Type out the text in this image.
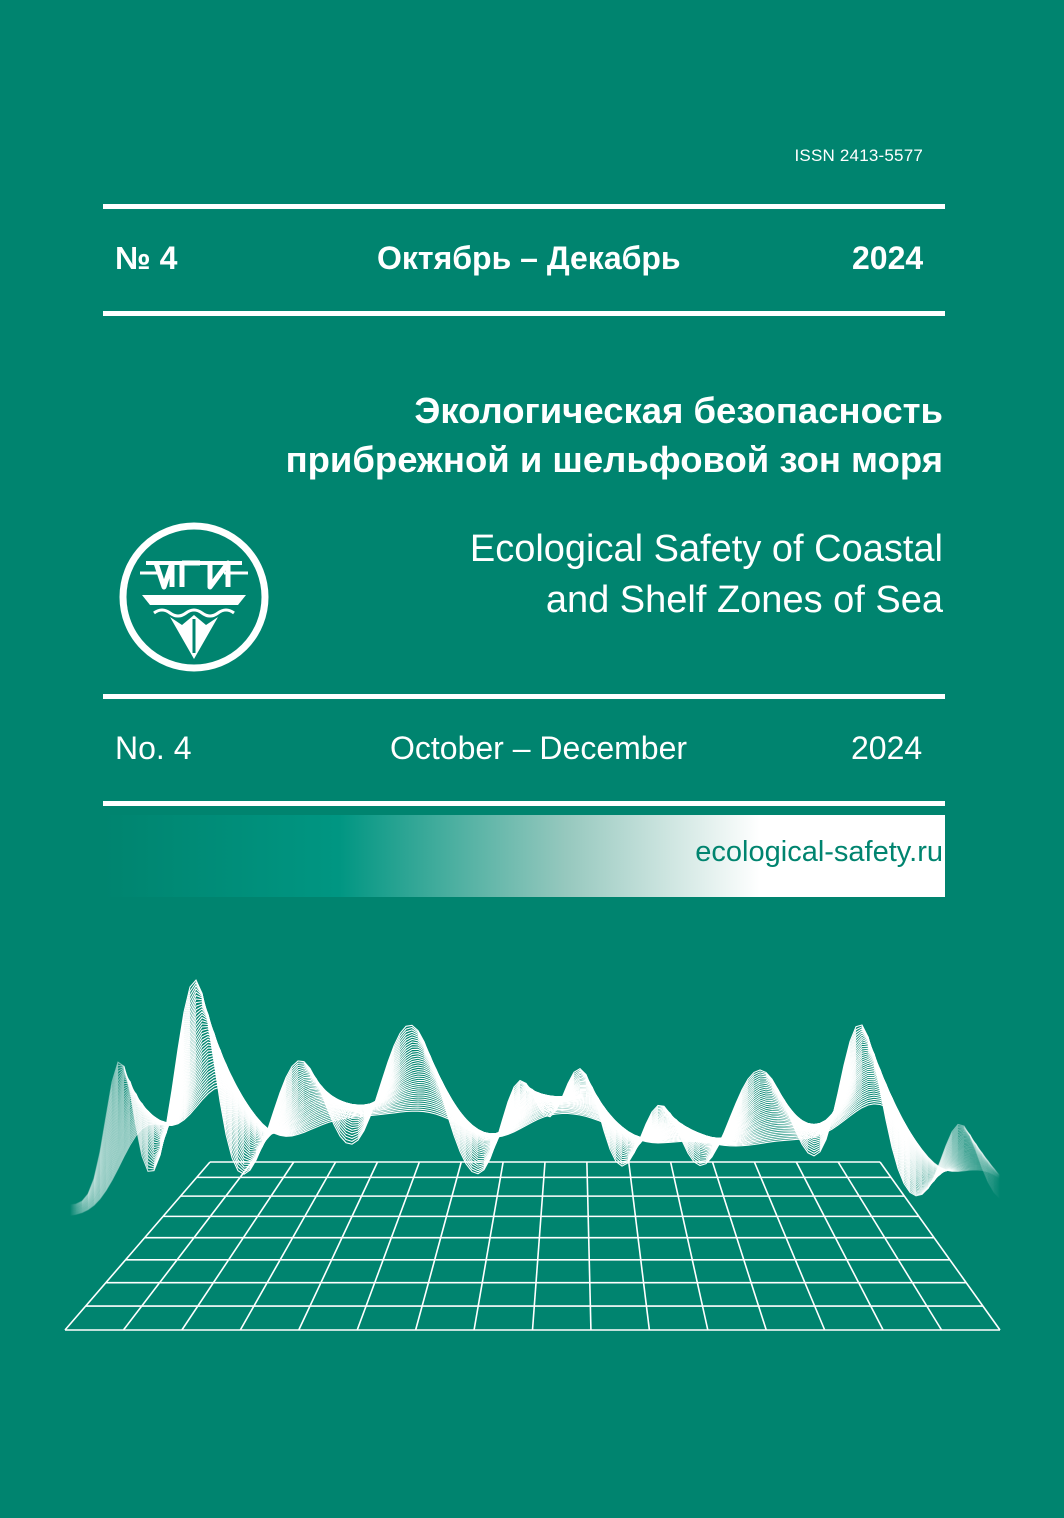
ISSN 2413-5577
№ 4	Октябрь – Декабрь	2024
Экологическая безопасность
прибрежной и шельфовой зон моря
Ecological Safety of Coastal
and Shelf Zones of Sea
No. 4	October – December	2024
ecological-safety.ru
